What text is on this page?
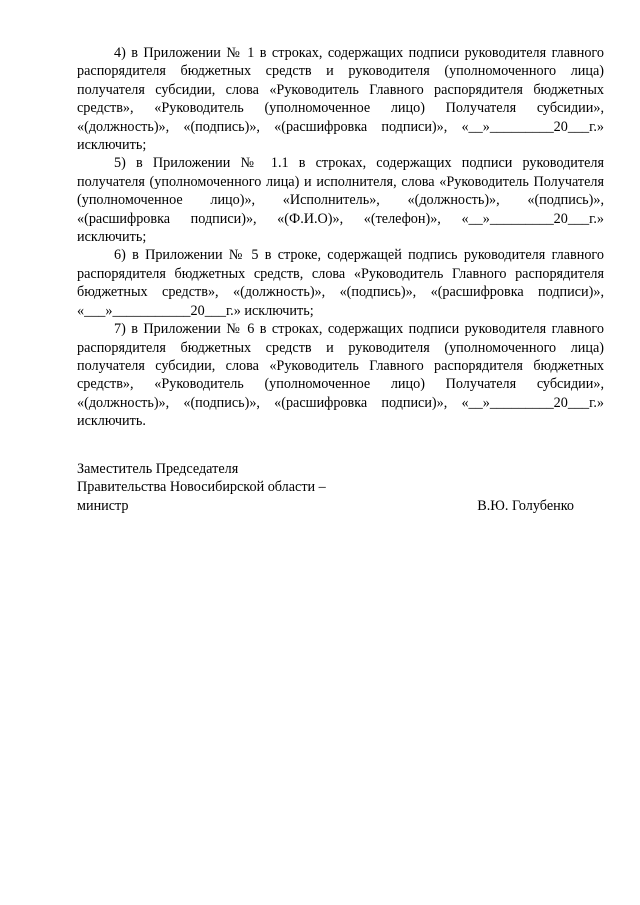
4) в Приложении № 1 в строках, содержащих подписи руководителя главного распорядителя бюджетных средств и руководителя (уполномоченного лица) получателя субсидии, слова «Руководитель Главного распорядителя бюджетных средств», «Руководитель (уполномоченное лицо) Получателя субсидии», «(должность)», «(подпись)», «(расшифровка подписи)», «__»_________20___г.» исключить;

5) в Приложении № 1.1 в строках, содержащих подписи руководителя получателя (уполномоченного лица) и исполнителя, слова «Руководитель Получателя (уполномоченное лицо)», «Исполнитель», «(должность)», «(подпись)», «(расшифровка подписи)», «(Ф.И.О)», «(телефон)», «__»_________20___г.» исключить;

6) в Приложении № 5 в строке, содержащей подпись руководителя главного распорядителя бюджетных средств, слова «Руководитель Главного распорядителя бюджетных средств», «(должность)», «(подпись)», «(расшифровка подписи)», «___»___________20___г.» исключить;

7) в Приложении № 6 в строках, содержащих подписи руководителя главного распорядителя бюджетных средств и руководителя (уполномоченного лица) получателя субсидии, слова «Руководитель Главного распорядителя бюджетных средств», «Руководитель (уполномоченное лицо) Получателя субсидии», «(должность)», «(подпись)», «(расшифровка подписи)», «__»_________20___г.» исключить.

Заместитель Председателя
Правительства Новосибирской области –
министр	В.Ю. Голубенко
